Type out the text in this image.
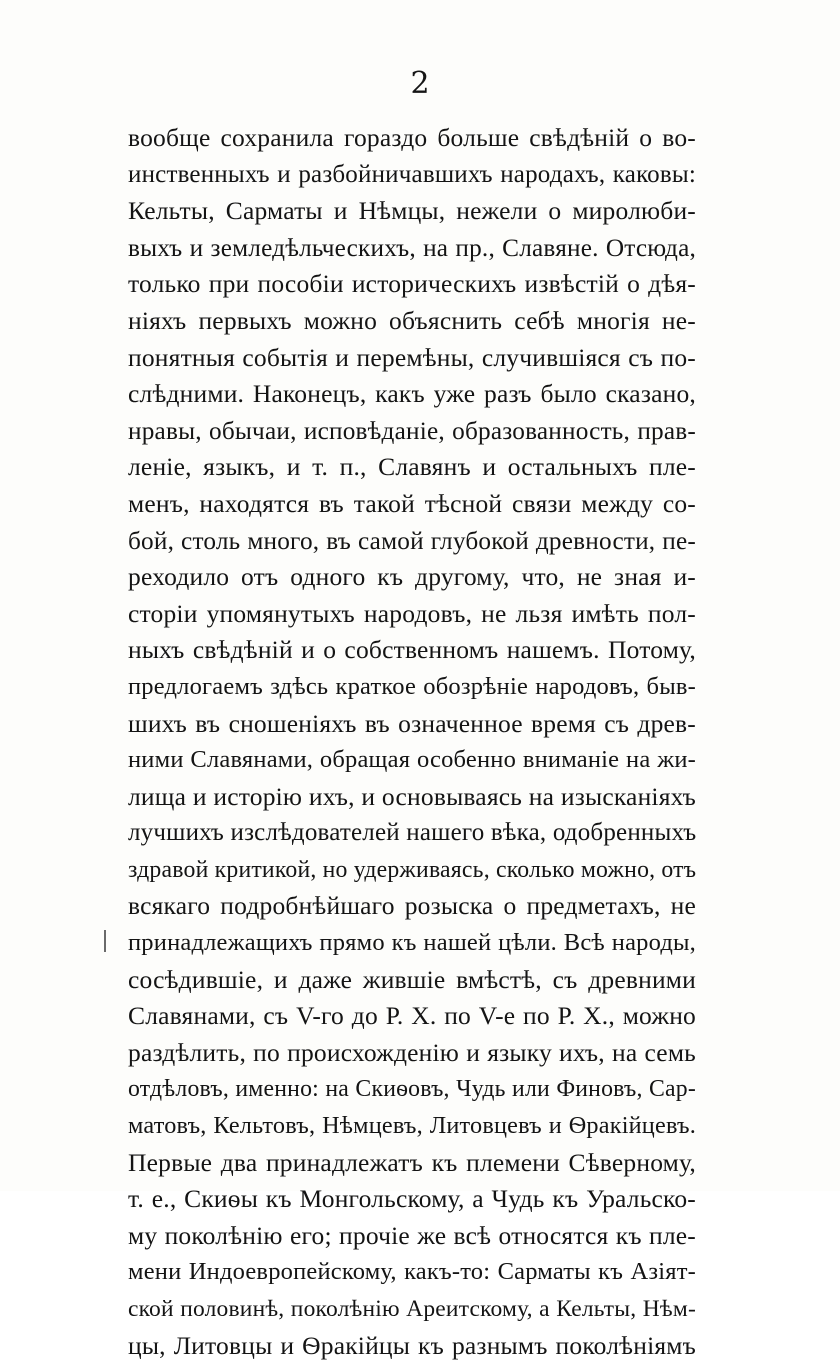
2
вообще сохранила гораздо больше свѣдѣній о во-
инственныхъ и разбойничавшихъ народахъ, каковы:
Кельты, Сарматы и Нѣмцы, нежели о миролюби-
выхъ и земледѣльческихъ, на пр., Славяне. Отсюда,
только при пособіи историческихъ извѣстій о дѣя-
ніяхъ первыхъ можно объяснить себѣ многія не-
понятныя событія и перемѣны, случившіяся съ по-
слѣдними. Наконецъ, какъ уже разъ было сказано,
нравы, обычаи, исповѣданіе, образованность, прав-
леніе, языкъ, и т. п., Славянъ и остальныхъ пле-
менъ, находятся въ такой тѣсной связи между со-
бой, столь много, въ самой глубокой древности, пе-
реходило отъ одного къ другому, что, не зная и-
сторіи упомянутыхъ народовъ, не льзя имѣть пол-
ныхъ свѣдѣній и о собственномъ нашемъ. Потому,
предлогаемъ здѣсь краткое обозрѣніе народовъ, быв-
шихъ въ сношеніяхъ въ означенное время съ древ-
ними Славянами, обращая особенно вниманіе на жи-
лища и исторію ихъ, и основываясь на изысканіяхъ
лучшихъ изслѣдователей нашего вѣка, одобренныхъ
здравой критикой, но удерживаясь, сколько можно, отъ
всякаго подробнѣйшаго розыска о предметахъ, не
принадлежащихъ прямо къ нашей цѣли. Всѣ народы,
сосѣдившіе, и даже жившіе вмѣстѣ, съ древними
Славянами, съ V-го до Р. Х. по V-е по Р. Х., можно
раздѣлить, по происхожденію и языку ихъ, на семь
отдѣловъ, именно: на Скиѳовъ, Чудь или Финовъ, Сар-
матовъ, Кельтовъ, Нѣмцевъ, Литовцевъ и Ѳракійцевъ.
Первые два принадлежатъ къ племени Сѣверному,
т. е., Скиѳы къ Монгольскому, а Чудь къ Уральско-
му поколѣнію его; прочіе же всѣ относятся къ пле-
мени Индоевропейскому, какъ-то: Сарматы къ Азіят-
ской половинѣ, поколѣнію Ареитскому, а Кельты, Нѣм-
цы, Литовцы и Ѳракійцы къ разнымъ поколѣніямъ
